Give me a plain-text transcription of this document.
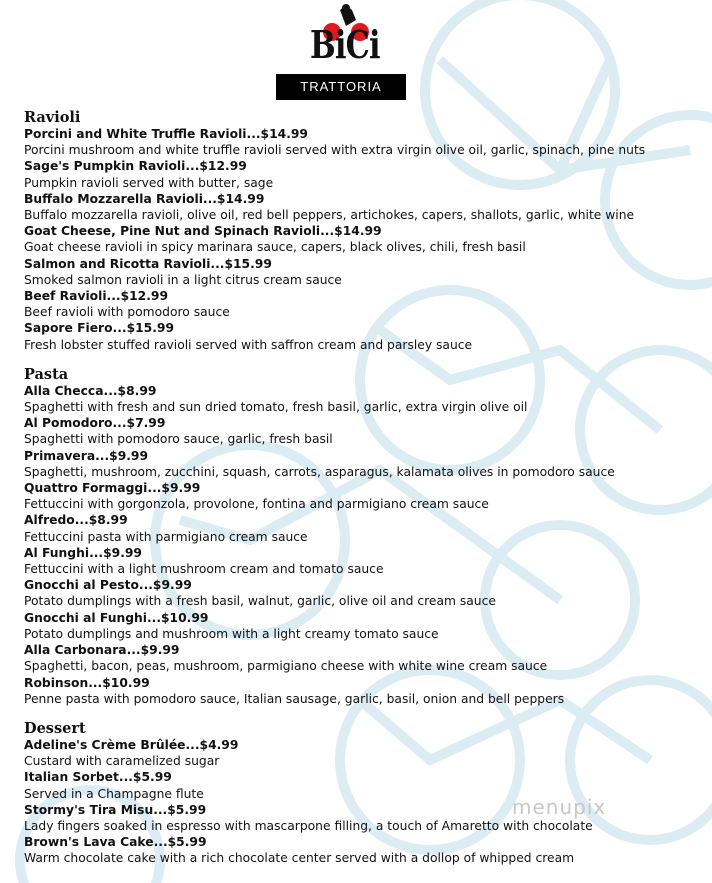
BiCi
TRATTORIA
Ravioli
Porcini and White Truffle Ravioli...$14.99
Porcini mushroom and white truffle ravioli served with extra virgin olive oil, garlic, spinach, pine nuts
Sage's Pumpkin Ravioli...$12.99
Pumpkin ravioli served with butter, sage
Buffalo Mozzarella Ravioli...$14.99
Buffalo mozzarella ravioli, olive oil, red bell peppers, artichokes, capers, shallots, garlic, white wine
Goat Cheese, Pine Nut and Spinach Ravioli...$14.99
Goat cheese ravioli in spicy marinara sauce, capers, black olives, chili, fresh basil
Salmon and Ricotta Ravioli...$15.99
Smoked salmon ravioli in a light citrus cream sauce
Beef Ravioli...$12.99
Beef ravioli with pomodoro sauce
Sapore Fiero...$15.99
Fresh lobster stuffed ravioli served with saffron cream and parsley sauce
Pasta
Alla Checca...$8.99
Spaghetti with fresh and sun dried tomato, fresh basil, garlic, extra virgin olive oil
Al Pomodoro...$7.99
Spaghetti with pomodoro sauce, garlic, fresh basil
Primavera...$9.99
Spaghetti, mushroom, zucchini, squash, carrots, asparagus, kalamata olives in pomodoro sauce
Quattro Formaggi...$9.99
Fettuccini with gorgonzola, provolone, fontina and parmigiano cream sauce
Alfredo...$8.99
Fettuccini pasta with parmigiano cream sauce
Al Funghi...$9.99
Fettuccini with a light mushroom cream and tomato sauce
Gnocchi al Pesto...$9.99
Potato dumplings with a fresh basil, walnut, garlic, olive oil and cream sauce
Gnocchi al Funghi...$10.99
Potato dumplings and mushroom with a light creamy tomato sauce
Alla Carbonara...$9.99
Spaghetti, bacon, peas, mushroom, parmigiano cheese with white wine cream sauce
Robinson...$10.99
Penne pasta with pomodoro sauce, Italian sausage, garlic, basil, onion and bell peppers
Dessert
Adeline's Crème Brûlée...$4.99
Custard with caramelized sugar
Italian Sorbet...$5.99
Served in a Champagne flute
Stormy's Tira Misu...$5.99
Lady fingers soaked in espresso with mascarpone filling, a touch of Amaretto with chocolate
Brown's Lava Cake...$5.99
Warm chocolate cake with a rich chocolate center served with a dollop of whipped cream
menupix
